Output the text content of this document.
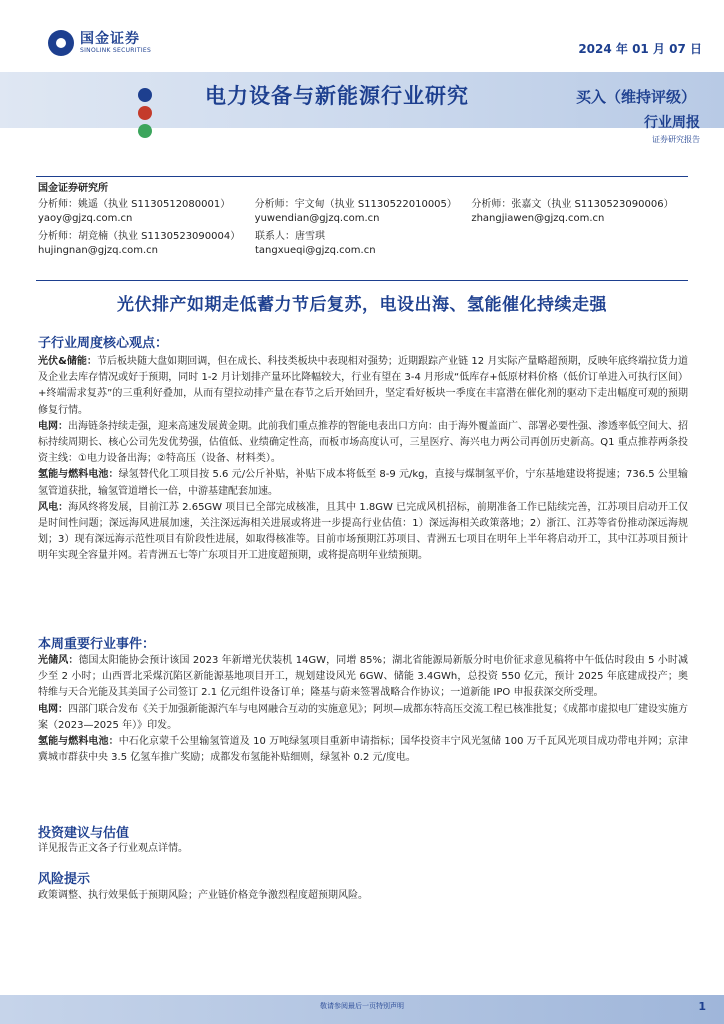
国金证券
SINOLINK SECURITIES	2024 年 01 月 07 日
电力设备与新能源行业研究	买入（维持评级）
行业周报
证券研究报告
国金证券研究所
分析师：姚遥（执业 S1130512080001）
yaoy@gjzq.com.cn
分析师：宇文甸（执业 S1130522010005）
yuwendian@gjzq.com.cn
分析师：张嘉文（执业 S1130523090006）
zhangjiawen@gjzq.com.cn
分析师：胡竞楠（执业 S1130523090004）
hujingnan@gjzq.com.cn
联系人：唐雪琪
tangxueqi@gjzq.com.cn
光伏排产如期走低蓄力节后复苏，电设出海、氢能催化持续走强
子行业周度核心观点：

光伏&储能：节后板块随大盘如期回调，但在成长、科技类板块中表现相对强势；近期跟踪产业链 12 月实际产量略超预期，反映年底终端拉货力道及企业去库存情况或好于预期，同时 1-2 月计划排产量环比降幅较大，行业有望在 3-4 月形成“低库存+低原材料价格（低价订单进入可执行区间）+终端需求复苏”的三重利好叠加，从而有望拉动排产量在春节之后开始回升，坚定看好板块一季度在丰富潜在催化剂的驱动下走出幅度可观的预期修复行情。

电网：出海链条持续走强，迎来高速发展黄金期。此前我们重点推荐的智能电表出口方向：由于海外覆盖面广、部署必要性强、渗透率低空间大、招标持续周期长、核心公司先发优势强，估值低、业绩确定性高，而板市场高度认可，三星医疗、海兴电力两公司再创历史新高。Q1 重点推荐两条投资主线：①电力设备出海；②特高压（设备、材料类）。

氢能与燃料电池：绿氢替代化工项目按 5.6 元/公斤补贴，补贴下成本将低至 8-9 元/kg，直接与煤制氢平价，宁东基地建设将提速；736.5 公里输氢管道获批，输氢管道增长一倍，中游基建配套加速。

风电：海风终将发展，目前江苏 2.65GW 项目已全部完成核准，且其中 1.8GW 已完成风机招标，前期准备工作已陆续完善，江苏项目启动开工仅是时间性问题；深远海风进展加速，关注深远海相关进展或将进一步提高行业估值：1）深远海相关政策落地；2）浙江、江苏等省份推动深远海规划；3）现有深远海示范性项目有阶段性进展，如取得核准等。目前市场预期江苏项目、青洲五七项目在明年上半年将启动开工，其中江苏项目预计明年实现全容量并网。若青洲五七等广东项目开工进度超预期，或将提高明年业绩预期。

本周重要行业事件：

光储风：德国太阳能协会预计该国 2023 年新增光伏装机 14GW，同增 85%；湖北省能源局新版分时电价征求意见稿将中午低估时段由 5 小时减少至 2 小时；山西晋北采煤沉陷区新能源基地项目开工，规划建设风光 6GW、储能 3.4GWh，总投资 550 亿元，预计 2025 年底建成投产；奥特维与天合光能及其美国子公司签订 2.1 亿元组件设备订单；隆基与蔚来签署战略合作协议；一道新能 IPO 申报获深交所受理。

电网：四部门联合发布《关于加强新能源汽车与电网融合互动的实施意见》；阿坝—成都东特高压交流工程已核准批复；《成都市虚拟电厂建设实施方案（2023—2025 年）》印发。

氢能与燃料电池：中石化京蒙千公里输氢管道及 10 万吨绿氢项目重新申请指标；国华投资丰宁风光氢储 100 万千瓦风光项目成功带电并网；京津冀城市群获中央 3.5 亿氢车推广奖励；成都发布氢能补贴细则，绿氢补 0.2 元/度电。

投资建议与估值
详见报告正文各子行业观点详情。
风险提示
政策调整、执行效果低于预期风险；产业链价格竞争激烈程度超预期风险。
敬请参阅最后一页特别声明	1
